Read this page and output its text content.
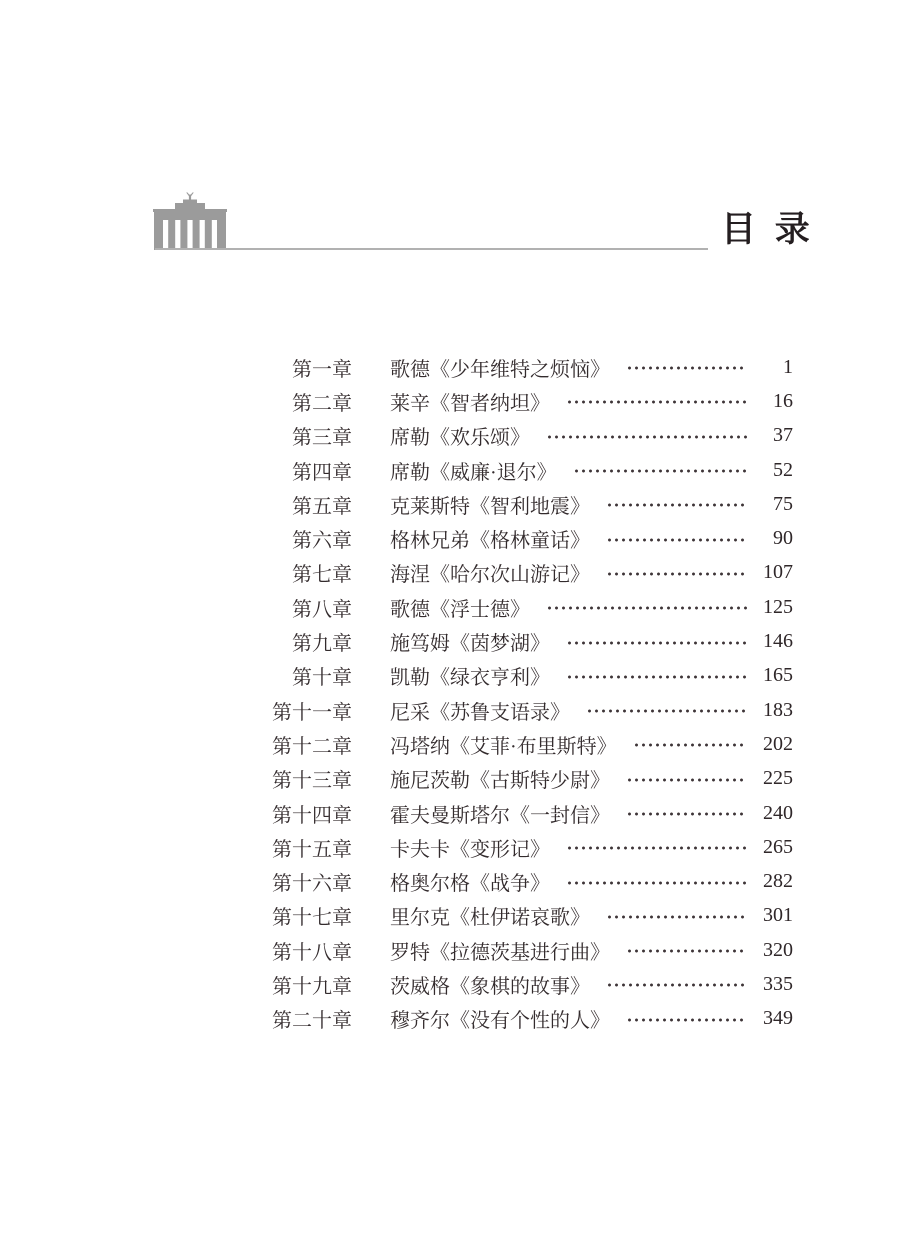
目 录
第一章 歌德《少年维特之烦恼》	1
第二章 莱辛《智者纳坦》	16
第三章 席勒《欢乐颂》	37
第四章 席勒《威廉·退尔》	52
第五章 克莱斯特《智利地震》	75
第六章 格林兄弟《格林童话》	90
第七章 海涅《哈尔次山游记》	107
第八章 歌德《浮士德》	125
第九章 施笃姆《茵梦湖》	146
第十章 凯勒《绿衣亨利》	165
第十一章 尼采《苏鲁支语录》	183
第十二章 冯塔纳《艾菲·布里斯特》	202
第十三章 施尼茨勒《古斯特少尉》	225
第十四章 霍夫曼斯塔尔《一封信》	240
第十五章 卡夫卡《变形记》	265
第十六章 格奥尔格《战争》	282
第十七章 里尔克《杜伊诺哀歌》	301
第十八章 罗特《拉德茨基进行曲》	320
第十九章 茨威格《象棋的故事》	335
第二十章 穆齐尔《没有个性的人》	349
